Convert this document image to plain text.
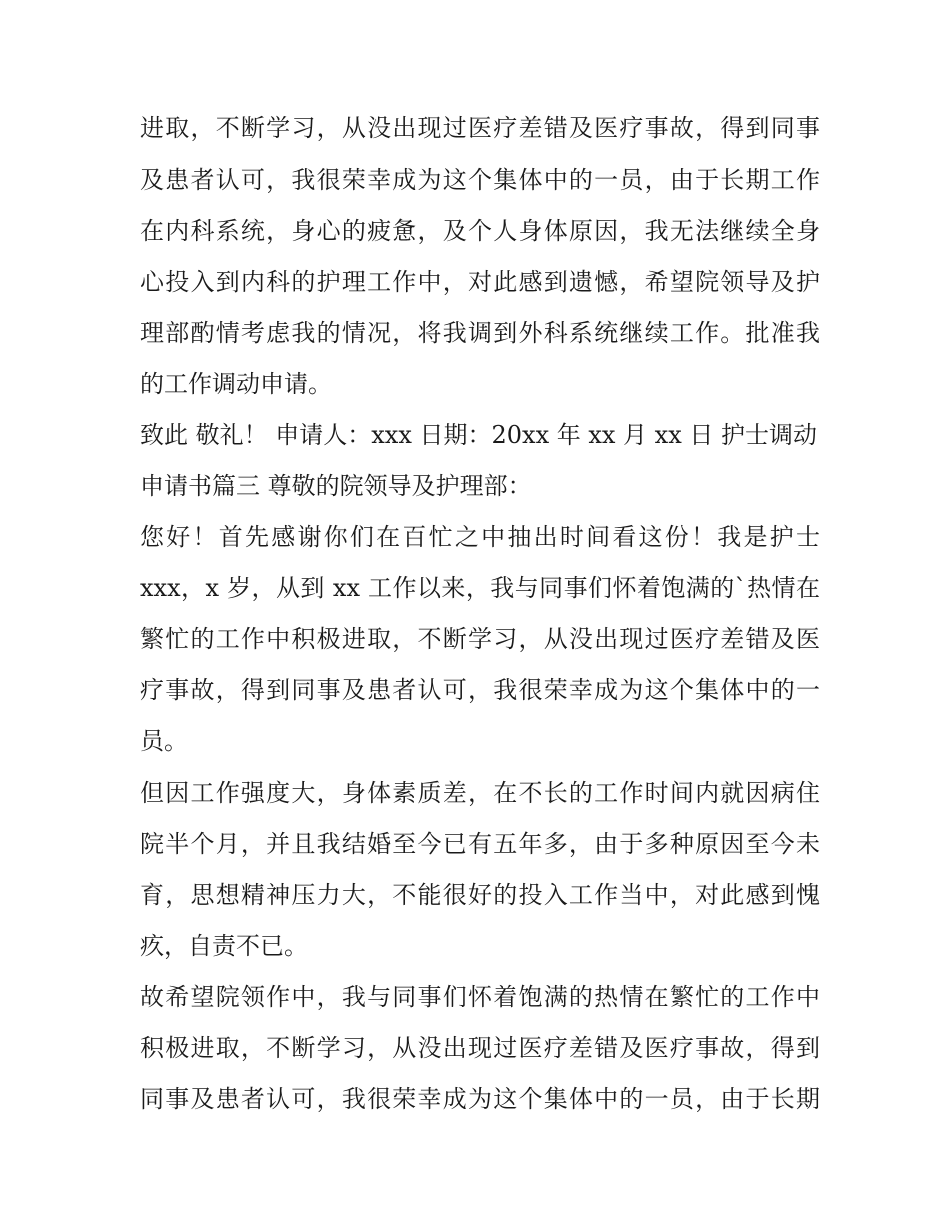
进取，不断学习，从没出现过医疗差错及医疗事故，得到同事
及患者认可，我很荣幸成为这个集体中的一员，由于长期工作
在内科系统，身心的疲惫，及个人身体原因，我无法继续全身
心投入到内科的护理工作中，对此感到遗憾，希望院领导及护
理部酌情考虑我的情况，将我调到外科系统继续工作。批准我
的工作调动申请。
致此 敬礼！ 申请人：xxx 日期：20xx 年 xx 月 xx 日 护士调动
申请书篇三 尊敬的院领导及护理部：
您好！首先感谢你们在百忙之中抽出时间看这份！我是护士
xxx，x 岁，从到 xx 工作以来，我与同事们怀着饱满的`热情在
繁忙的工作中积极进取，不断学习，从没出现过医疗差错及医
疗事故，得到同事及患者认可，我很荣幸成为这个集体中的一
员。
但因工作强度大，身体素质差，在不长的工作时间内就因病住
院半个月，并且我结婚至今已有五年多，由于多种原因至今未
育，思想精神压力大，不能很好的投入工作当中，对此感到愧
疚，自责不已。
故希望院领作中，我与同事们怀着饱满的热情在繁忙的工作中
积极进取，不断学习，从没出现过医疗差错及医疗事故，得到
同事及患者认可，我很荣幸成为这个集体中的一员，由于长期
